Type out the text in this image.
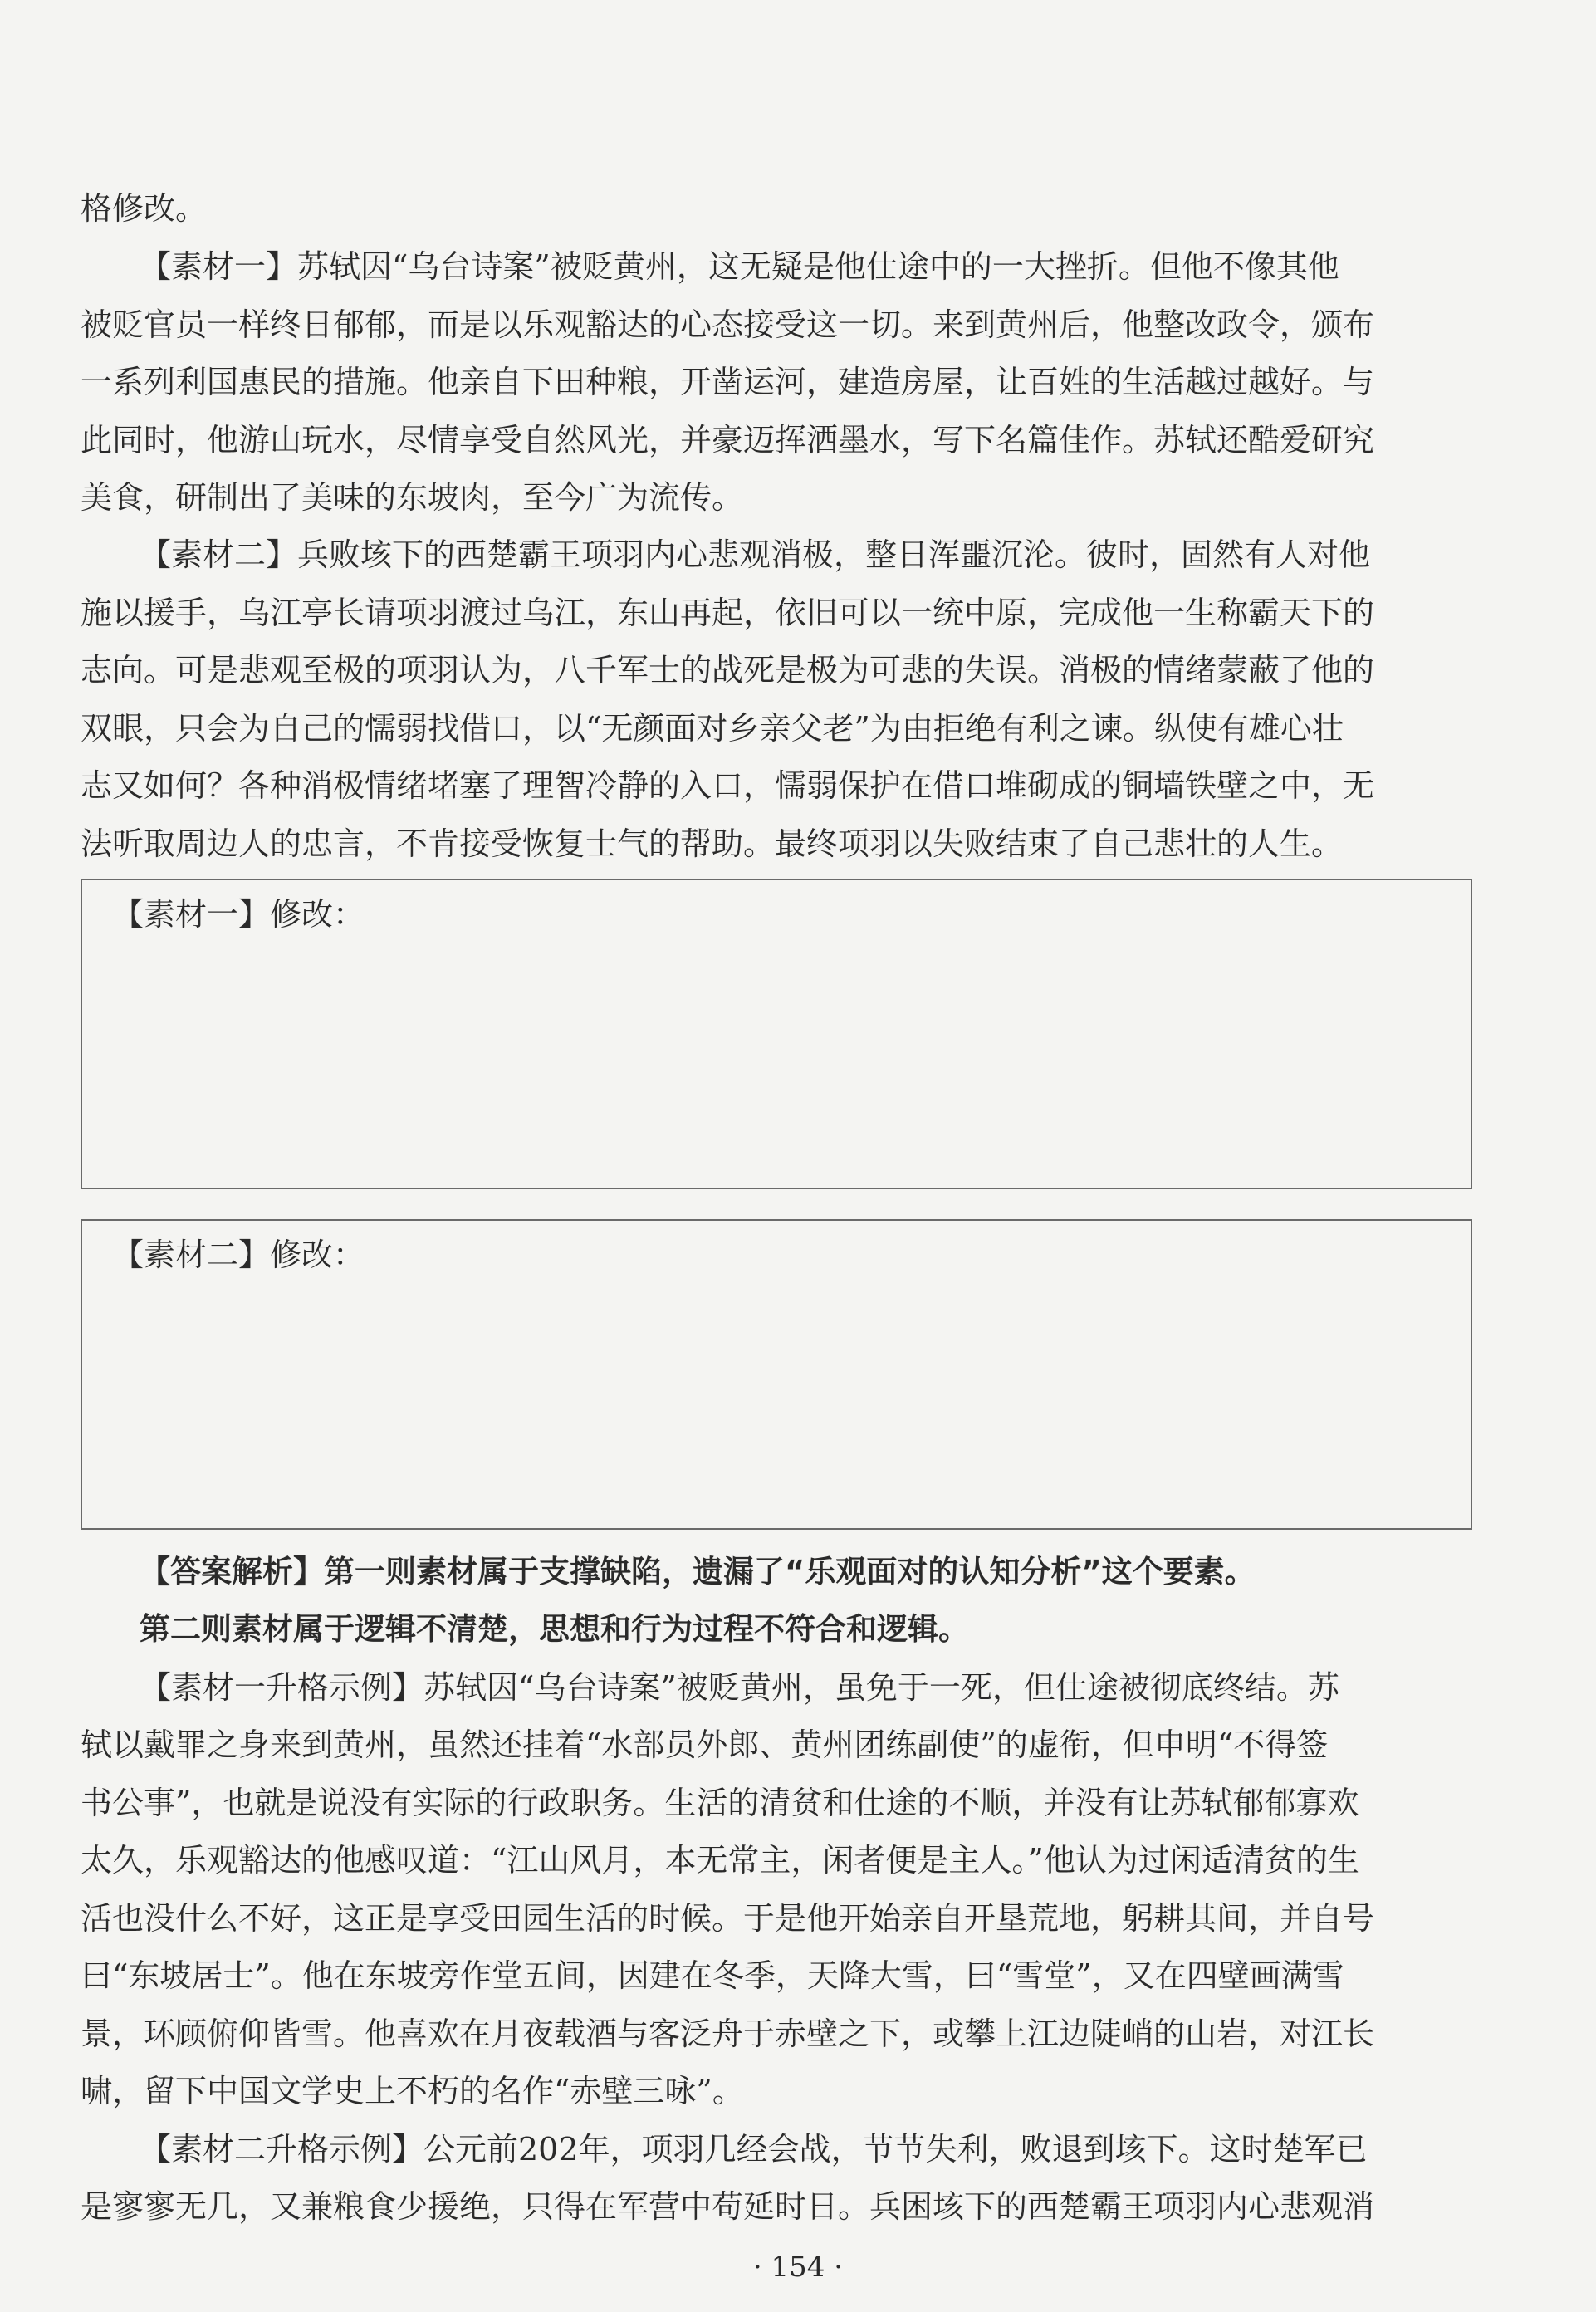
格修改。
【素材一】苏轼因“乌台诗案”被贬黄州，这无疑是他仕途中的一大挫折。但他不像其他
被贬官员一样终日郁郁，而是以乐观豁达的心态接受这一切。来到黄州后，他整改政令，颁布
一系列利国惠民的措施。他亲自下田种粮，开凿运河，建造房屋，让百姓的生活越过越好。与
此同时，他游山玩水，尽情享受自然风光，并豪迈挥洒墨水，写下名篇佳作。苏轼还酷爱研究
美食，研制出了美味的东坡肉，至今广为流传。
【素材二】兵败垓下的西楚霸王项羽内心悲观消极，整日浑噩沉沦。彼时，固然有人对他
施以援手，乌江亭长请项羽渡过乌江，东山再起，依旧可以一统中原，完成他一生称霸天下的
志向。可是悲观至极的项羽认为，八千军士的战死是极为可悲的失误。消极的情绪蒙蔽了他的
双眼，只会为自己的懦弱找借口，以“无颜面对乡亲父老”为由拒绝有利之谏。纵使有雄心壮
志又如何？各种消极情绪堵塞了理智冷静的入口，懦弱保护在借口堆砌成的铜墙铁壁之中，无
法听取周边人的忠言，不肯接受恢复士气的帮助。最终项羽以失败结束了自己悲壮的人生。
【素材一】修改：
【素材二】修改：
【答案解析】第一则素材属于支撑缺陷，遗漏了“乐观面对的认知分析”这个要素。
第二则素材属于逻辑不清楚，思想和行为过程不符合和逻辑。
【素材一升格示例】苏轼因“乌台诗案”被贬黄州，虽免于一死，但仕途被彻底终结。苏
轼以戴罪之身来到黄州，虽然还挂着“水部员外郎、黄州团练副使”的虚衔，但申明“不得签
书公事”，也就是说没有实际的行政职务。生活的清贫和仕途的不顺，并没有让苏轼郁郁寡欢
太久，乐观豁达的他感叹道：“江山风月，本无常主，闲者便是主人。”他认为过闲适清贫的生
活也没什么不好，这正是享受田园生活的时候。于是他开始亲自开垦荒地，躬耕其间，并自号
曰“东坡居士”。他在东坡旁作堂五间，因建在冬季，天降大雪，曰“雪堂”，又在四壁画满雪
景，环顾俯仰皆雪。他喜欢在月夜载酒与客泛舟于赤壁之下，或攀上江边陡峭的山岩，对江长
啸，留下中国文学史上不朽的名作“赤壁三咏”。
【素材二升格示例】公元前202年，项羽几经会战，节节失利，败退到垓下。这时楚军已
是寥寥无几，又兼粮食少援绝，只得在军营中苟延时日。兵困垓下的西楚霸王项羽内心悲观消
· 154 ·
